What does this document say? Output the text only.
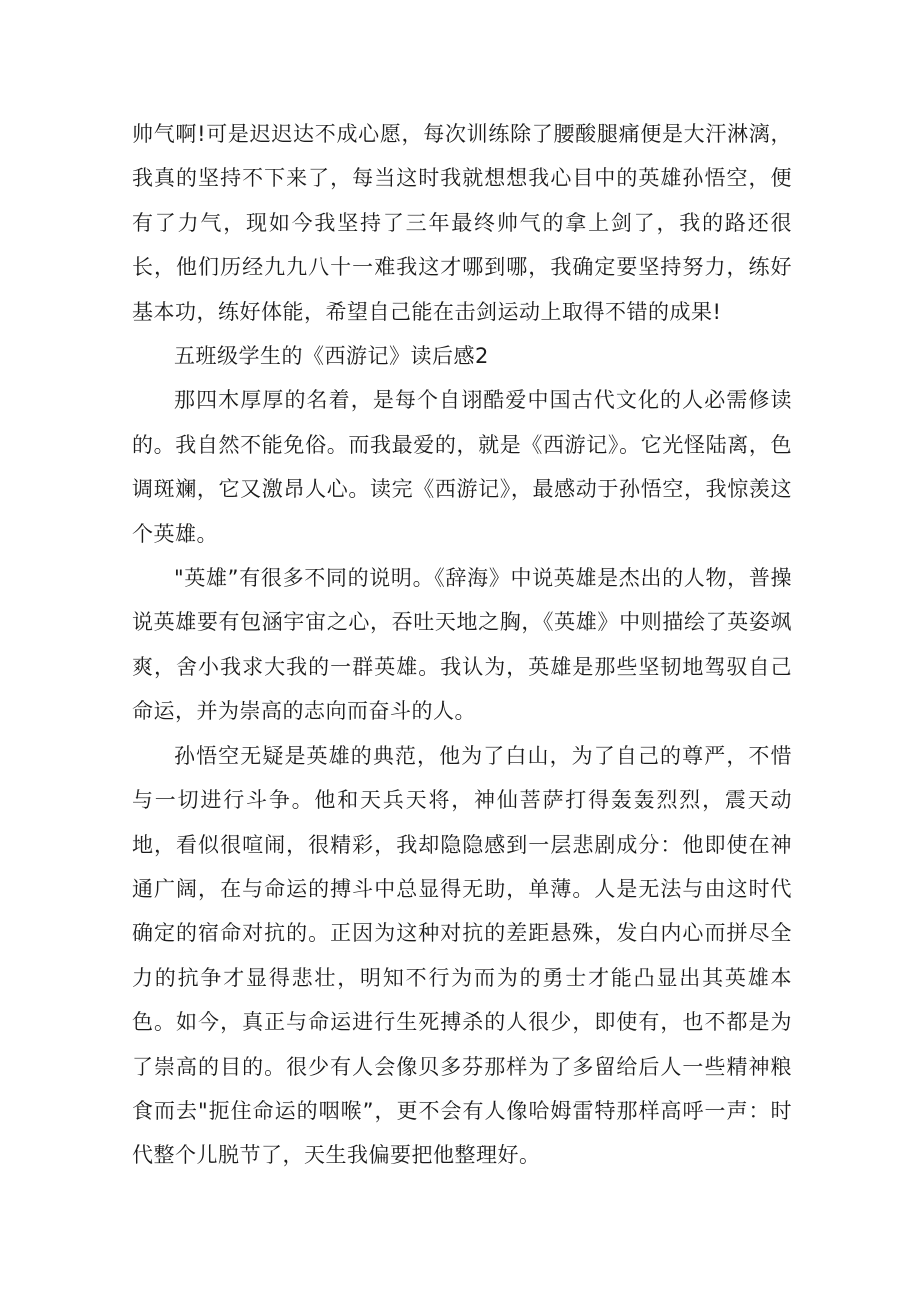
帅气啊!可是迟迟达不成心愿，每次训练除了腰酸腿痛便是大汗淋漓，我真的坚持不下来了，每当这时我就想想我心目中的英雄孙悟空，便有了力气，现如今我坚持了三年最终帅气的拿上剑了，我的路还很长，他们历经九九八十一难我这才哪到哪，我确定要坚持努力，练好基本功，练好体能，希望自己能在击剑运动上取得不错的成果!

五班级学生的《西游记》读后感2

那四木厚厚的名着，是每个自诩酷爱中国古代文化的人必需修读的。我自然不能免俗。而我最爱的，就是《西游记》。它光怪陆离，色调斑斓，它又激昂人心。读完《西游记》，最感动于孙悟空，我惊羡这个英雄。

"英雄”有很多不同的说明。《辞海》中说英雄是杰出的人物，普操说英雄要有包涵宇宙之心，吞吐天地之胸，《英雄》中则描绘了英姿飒爽，舍小我求大我的一群英雄。我认为，英雄是那些坚韧地驾驭自己命运，并为崇高的志向而奋斗的人。

孙悟空无疑是英雄的典范，他为了白山，为了自己的尊严，不惜与一切进行斗争。他和天兵天将，神仙菩萨打得轰轰烈烈，震天动地，看似很喧闹，很精彩，我却隐隐感到一层悲剧成分：他即使在神通广阔，在与命运的搏斗中总显得无助，单薄。人是无法与由这时代确定的宿命对抗的。正因为这种对抗的差距悬殊，发白内心而拼尽全力的抗争才显得悲壮，明知不行为而为的勇士才能凸显出其英雄本色。如今，真正与命运进行生死搏杀的人很少，即使有，也不都是为了崇高的目的。很少有人会像贝多芬那样为了多留给后人一些精神粮食而去"扼住命运的咽喉”，更不会有人像哈姆雷特那样高呼一声：时代整个儿脱节了，天生我偏要把他整理好。
